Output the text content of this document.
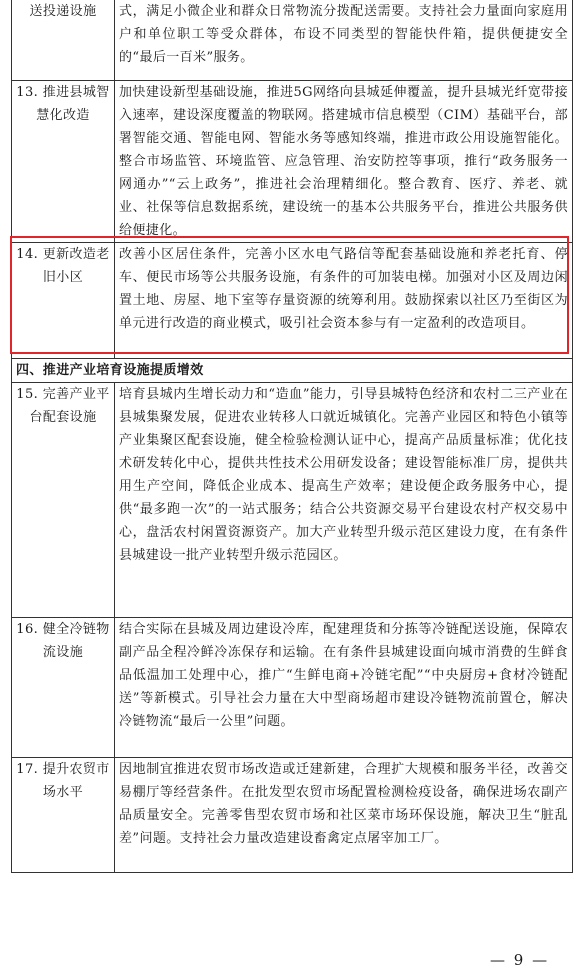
送投递设施	式，满足小微企业和群众日常物流分拨配送需要。支持社会力量面向家庭用户和单位职工等受众群体，布设不同类型的智能快件箱，提供便捷安全的“最后一百米”服务。
13. 推进县城智慧化改造	加快建设新型基础设施，推进5G网络向县城延伸覆盖，提升县城光纤宽带接入速率，建设深度覆盖的物联网。搭建城市信息模型（CIM）基础平台，部署智能交通、智能电网、智能水务等感知终端，推进市政公用设施智能化。整合市场监管、环境监管、应急管理、治安防控等事项，推行“政务服务一网通办”“云上政务”，推进社会治理精细化。整合教育、医疗、养老、就业、社保等信息数据系统，建设统一的基本公共服务平台，推进公共服务供给便捷化。
14. 更新改造老旧小区	改善小区居住条件，完善小区水电气路信等配套基础设施和养老托育、停车、便民市场等公共服务设施，有条件的可加装电梯。加强对小区及周边闲置土地、房屋、地下室等存量资源的统筹利用。鼓励探索以社区乃至街区为单元进行改造的商业模式，吸引社会资本参与有一定盈利的改造项目。
四、推进产业培育设施提质增效	
15. 完善产业平台配套设施	培育县城内生增长动力和“造血”能力，引导县城特色经济和农村二三产业在县城集聚发展，促进农业转移人口就近城镇化。完善产业园区和特色小镇等产业集聚区配套设施，健全检验检测认证中心，提高产品质量标准；优化技术研发转化中心，提供共性技术公用研发设备；建设智能标准厂房，提供共用生产空间，降低企业成本、提高生产效率；建设便企政务服务中心，提供“最多跑一次”的一站式服务；结合公共资源交易平台建设农村产权交易中心，盘活农村闲置资源资产。加大产业转型升级示范区建设力度，在有条件县城建设一批产业转型升级示范园区。
16. 健全冷链物流设施	结合实际在县城及周边建设冷库，配建理货和分拣等冷链配送设施，保障农副产品全程冷鲜冷冻保存和运输。在有条件县城建设面向城市消费的生鲜食品低温加工处理中心，推广“生鲜电商+冷链宅配”“中央厨房+食材冷链配送”等新模式。引导社会力量在大中型商场超市建设冷链物流前置仓，解决冷链物流“最后一公里”问题。
17. 提升农贸市场水平	因地制宜推进农贸市场改造或迁建新建，合理扩大规模和服务半径，改善交易棚厅等经营条件。在批发型农贸市场配置检测检疫设备，确保进场农副产品质量安全。完善零售型农贸市场和社区菜市场环保设施，解决卫生“脏乱差”问题。支持社会力量改造建设畜禽定点屠宰加工厂。
— 9 —
